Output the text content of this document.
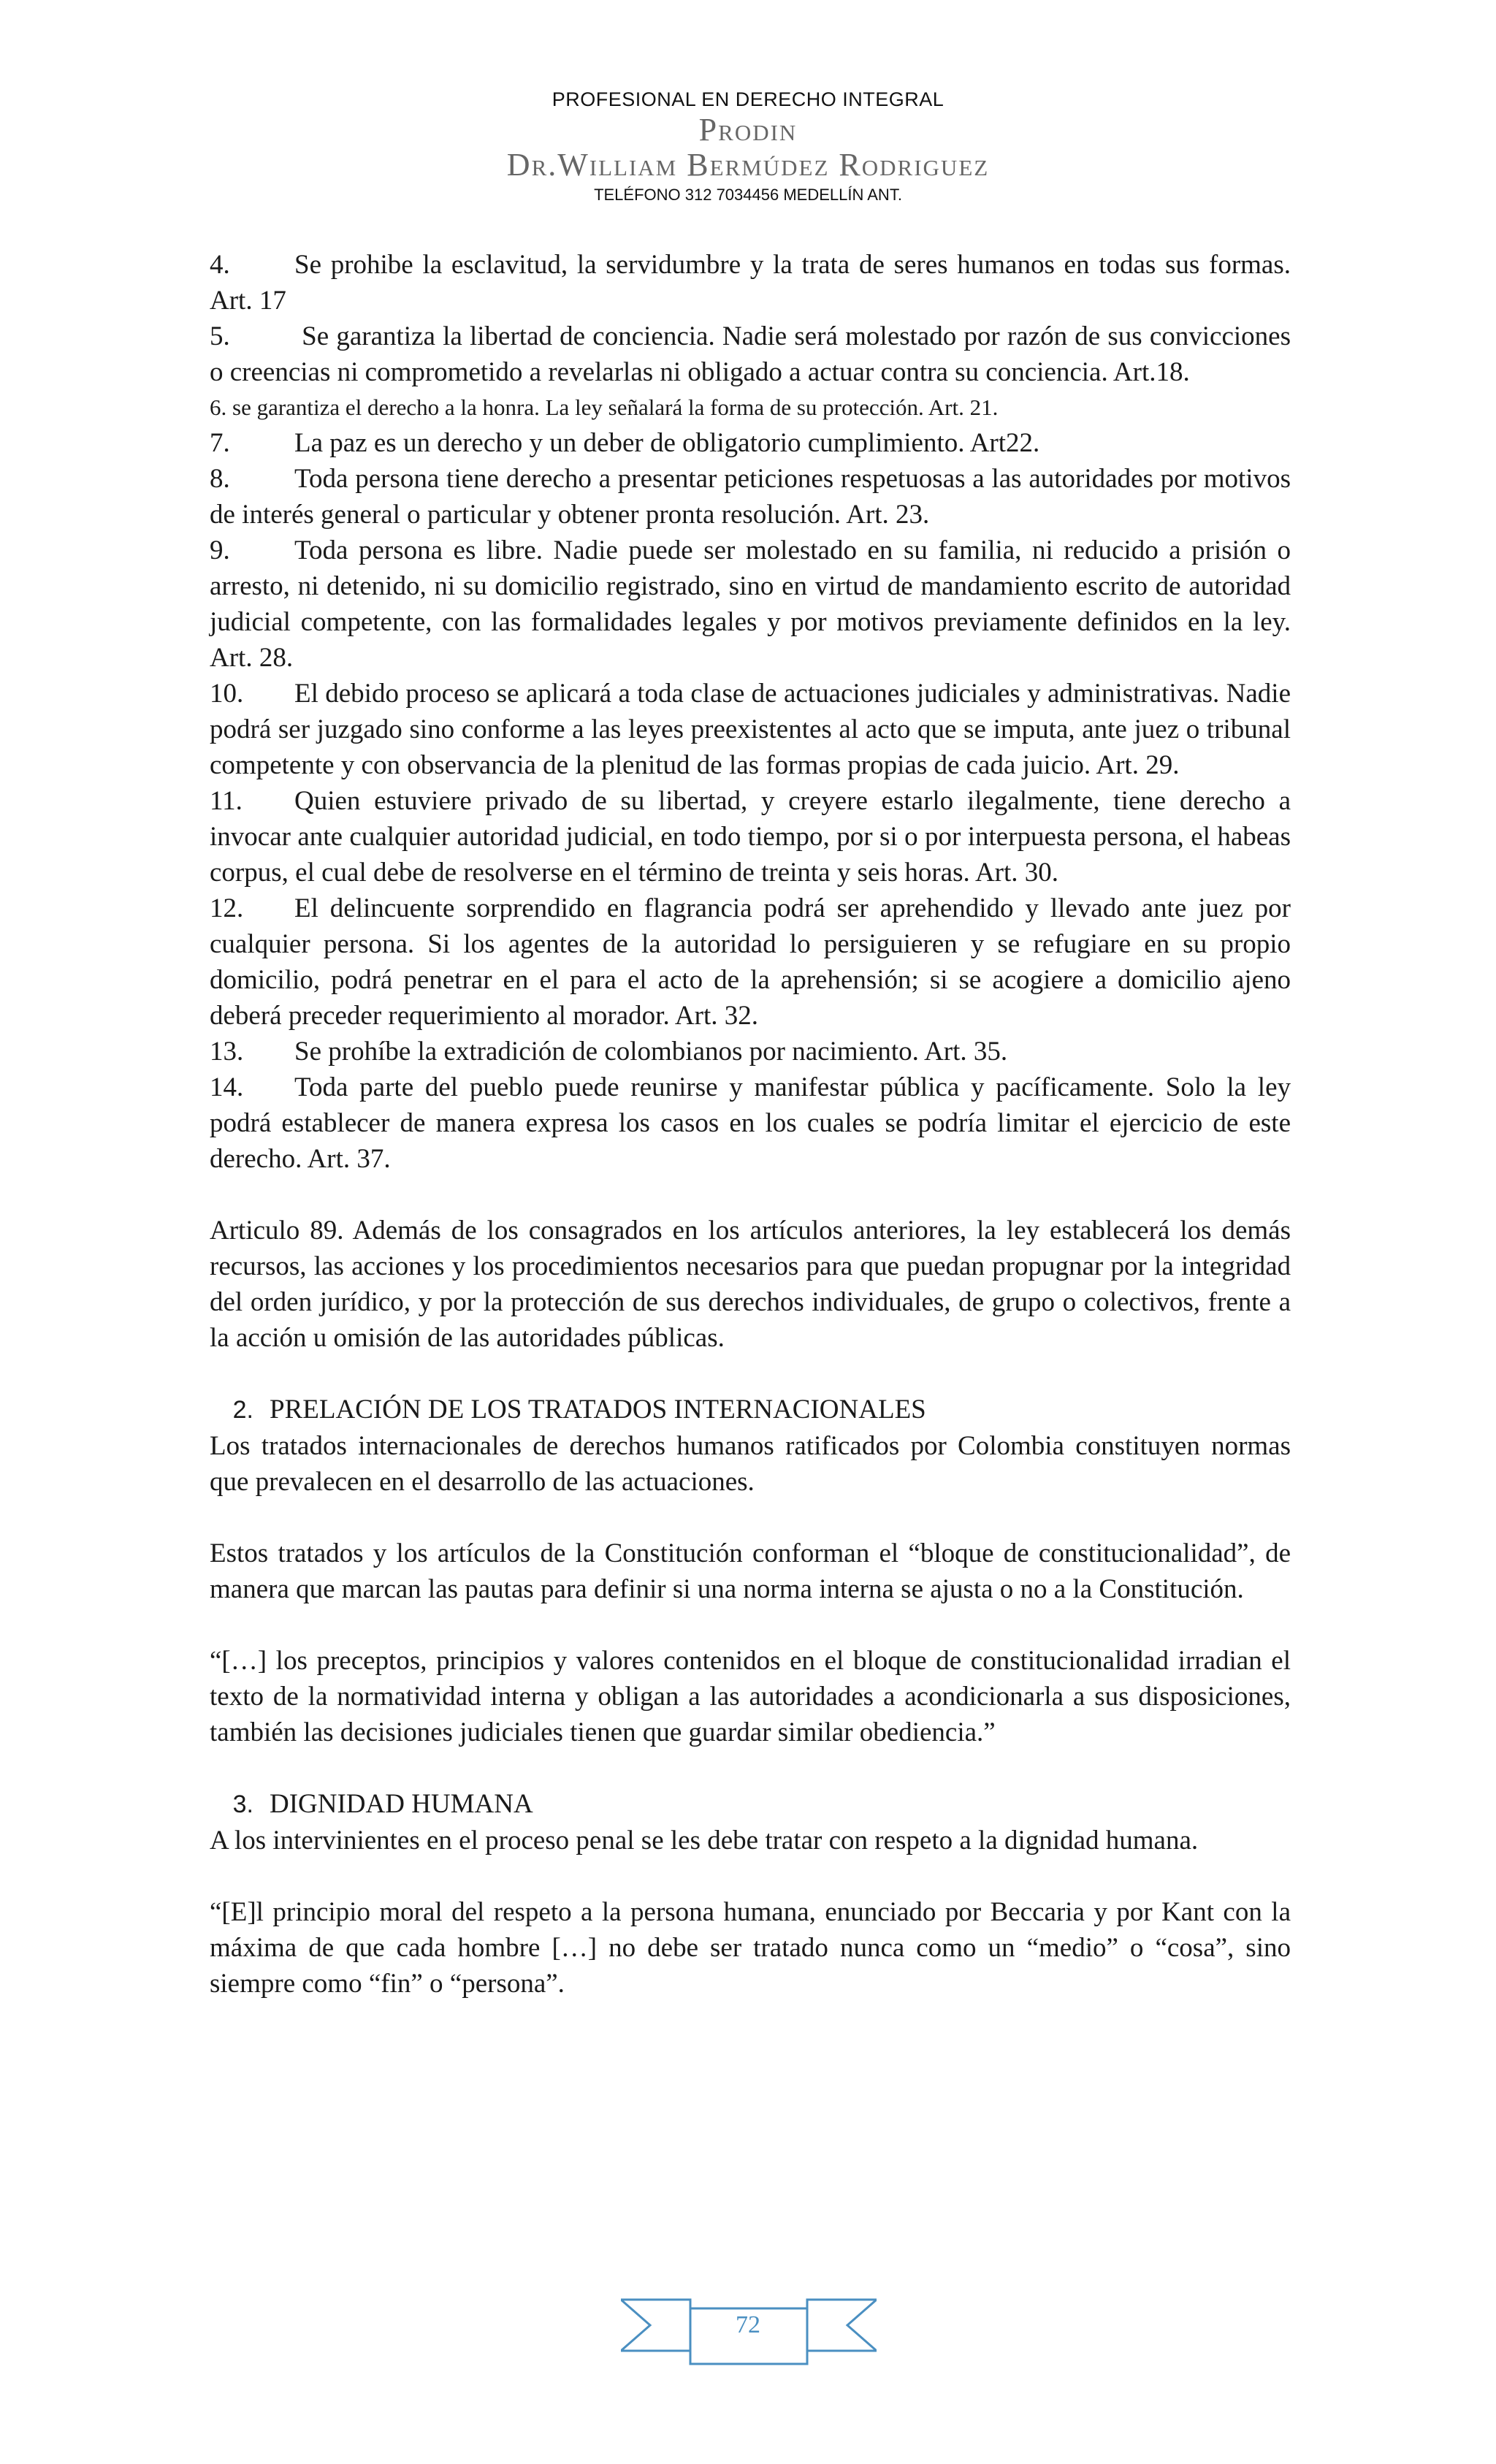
PROFESIONAL EN DERECHO INTEGRAL
Prodin
Dr.William Bermúdez Rodriguez
TELÉFONO 312 7034456 MEDELLÍN ANT.

4. Se prohibe la esclavitud, la servidumbre y la trata de seres humanos en todas sus formas. Art. 17

5. Se garantiza la libertad de conciencia. Nadie será molestado por razón de sus convicciones o creencias ni comprometido a revelarlas ni obligado a actuar contra su conciencia. Art.18.

6. se garantiza el derecho a la honra. La ley señalará la forma de su protección. Art. 21.

7. La paz es un derecho y un deber de obligatorio cumplimiento. Art22.

8. Toda persona tiene derecho a presentar peticiones respetuosas a las autoridades por motivos de interés general o particular y obtener pronta resolución. Art. 23.

9. Toda persona es libre. Nadie puede ser molestado en su familia, ni reducido a prisión o arresto, ni detenido, ni su domicilio registrado, sino en virtud de mandamiento escrito de autoridad judicial competente, con las formalidades legales y por motivos previamente definidos en la ley. Art. 28.

10. El debido proceso se aplicará a toda clase de actuaciones judiciales y administrativas. Nadie podrá ser juzgado sino conforme a las leyes preexistentes al acto que se imputa, ante juez o tribunal competente y con observancia de la plenitud de las formas propias de cada juicio. Art. 29.

11. Quien estuviere privado de su libertad, y creyere estarlo ilegalmente, tiene derecho a invocar ante cualquier autoridad judicial, en todo tiempo, por si o por interpuesta persona, el habeas corpus, el cual debe de resolverse en el término de treinta y seis horas. Art. 30.

12. El delincuente sorprendido en flagrancia podrá ser aprehendido y llevado ante juez por cualquier persona. Si los agentes de la autoridad lo persiguieren y se refugiare en su propio domicilio, podrá penetrar en el para el acto de la aprehensión; si se acogiere a domicilio ajeno deberá preceder requerimiento al morador. Art. 32.

13. Se prohíbe la extradición de colombianos por nacimiento. Art. 35.

14. Toda parte del pueblo puede reunirse y manifestar pública y pacíficamente. Solo la ley podrá establecer de manera expresa los casos en los cuales se podría limitar el ejercicio de este derecho. Art. 37.

Articulo 89. Además de los consagrados en los artículos anteriores, la ley establecerá los demás recursos, las acciones y los procedimientos necesarios para que puedan propugnar por la integridad del orden jurídico, y por la protección de sus derechos individuales, de grupo o colectivos, frente a la acción u omisión de las autoridades públicas.

2. PRELACIÓN DE LOS TRATADOS INTERNACIONALES

Los tratados internacionales de derechos humanos ratificados por Colombia constituyen normas que prevalecen en el desarrollo de las actuaciones.

Estos tratados y los artículos de la Constitución conforman el “bloque de constitucionalidad”, de manera que marcan las pautas para definir si una norma interna se ajusta o no a la Constitución.

“[…] los preceptos, principios y valores contenidos en el bloque de constitucionalidad irradian el texto de la normatividad interna y obligan a las autoridades a acondicionarla a sus disposiciones, también las decisiones judiciales tienen que guardar similar obediencia.”

3. DIGNIDAD HUMANA

A los intervinientes en el proceso penal se les debe tratar con respeto a la dignidad humana.

“[E]l principio moral del respeto a la persona humana, enunciado por Beccaria y por Kant con la máxima de que cada hombre […] no debe ser tratado nunca como un “medio” o “cosa”, sino siempre como “fin” o “persona”.

72
